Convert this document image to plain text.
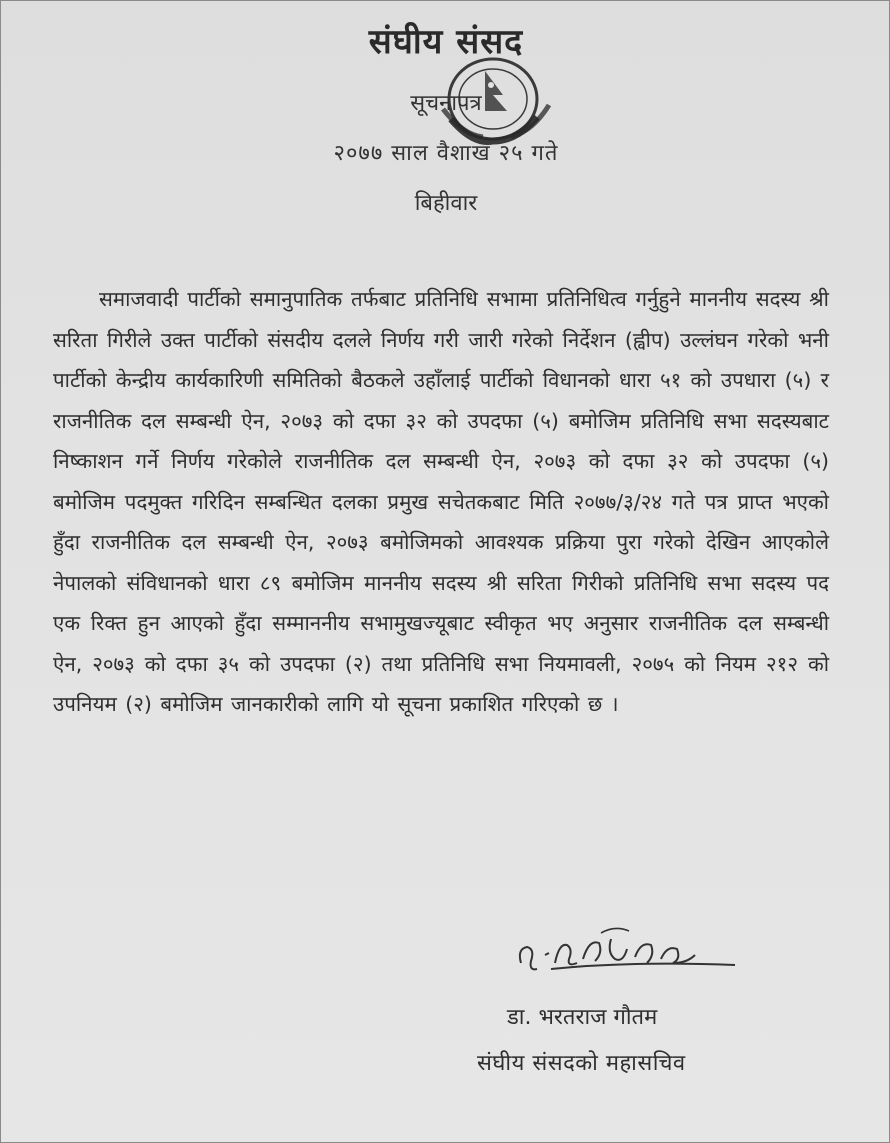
संघीय संसद
सूचनापत्र
२०७७ साल वैशाख २५ गते
बिहीवार
समाजवादी पार्टीको समानुपातिक तर्फबाट प्रतिनिधि सभामा प्रतिनिधित्व गर्नुहुने माननीय सदस्य श्री सरिता गिरीले उक्त पार्टीको संसदीय दलले निर्णय गरी जारी गरेको निर्देशन (ह्वीप) उल्लंघन गरेको भनी पार्टीको केन्द्रीय कार्यकारिणी समितिको बैठकले उहाँलाई पार्टीको विधानको धारा ५१ को उपधारा (५) र राजनीतिक दल सम्बन्धी ऐन, २०७३ को दफा ३२ को उपदफा (५) बमोजिम प्रतिनिधि सभा सदस्यबाट निष्काशन गर्ने निर्णय गरेकोले राजनीतिक दल सम्बन्धी ऐन, २०७३ को दफा ३२ को उपदफा (५) बमोजिम पदमुक्त गरिदिन सम्बन्धित दलका प्रमुख सचेतकबाट मिति २०७७/३/२४ गते पत्र प्राप्त भएको हुँदा राजनीतिक दल सम्बन्धी ऐन, २०७३ बमोजिमको आवश्यक प्रक्रिया पुरा गरेको देखिन आएकोले नेपालको संविधानको धारा ८९ बमोजिम माननीय सदस्य श्री सरिता गिरीको प्रतिनिधि सभा सदस्य पद एक रिक्त हुन आएको हुँदा सम्माननीय सभामुखज्यूबाट स्वीकृत भए अनुसार राजनीतिक दल सम्बन्धी ऐन, २०७३ को दफा ३५ को उपदफा (२) तथा प्रतिनिधि सभा नियमावली, २०७५ को नियम २१२ को उपनियम (२) बमोजिम जानकारीको लागि यो सूचना प्रकाशित गरिएको छ ।
डा. भरतराज गौतम
संघीय संसदको महासचिव
